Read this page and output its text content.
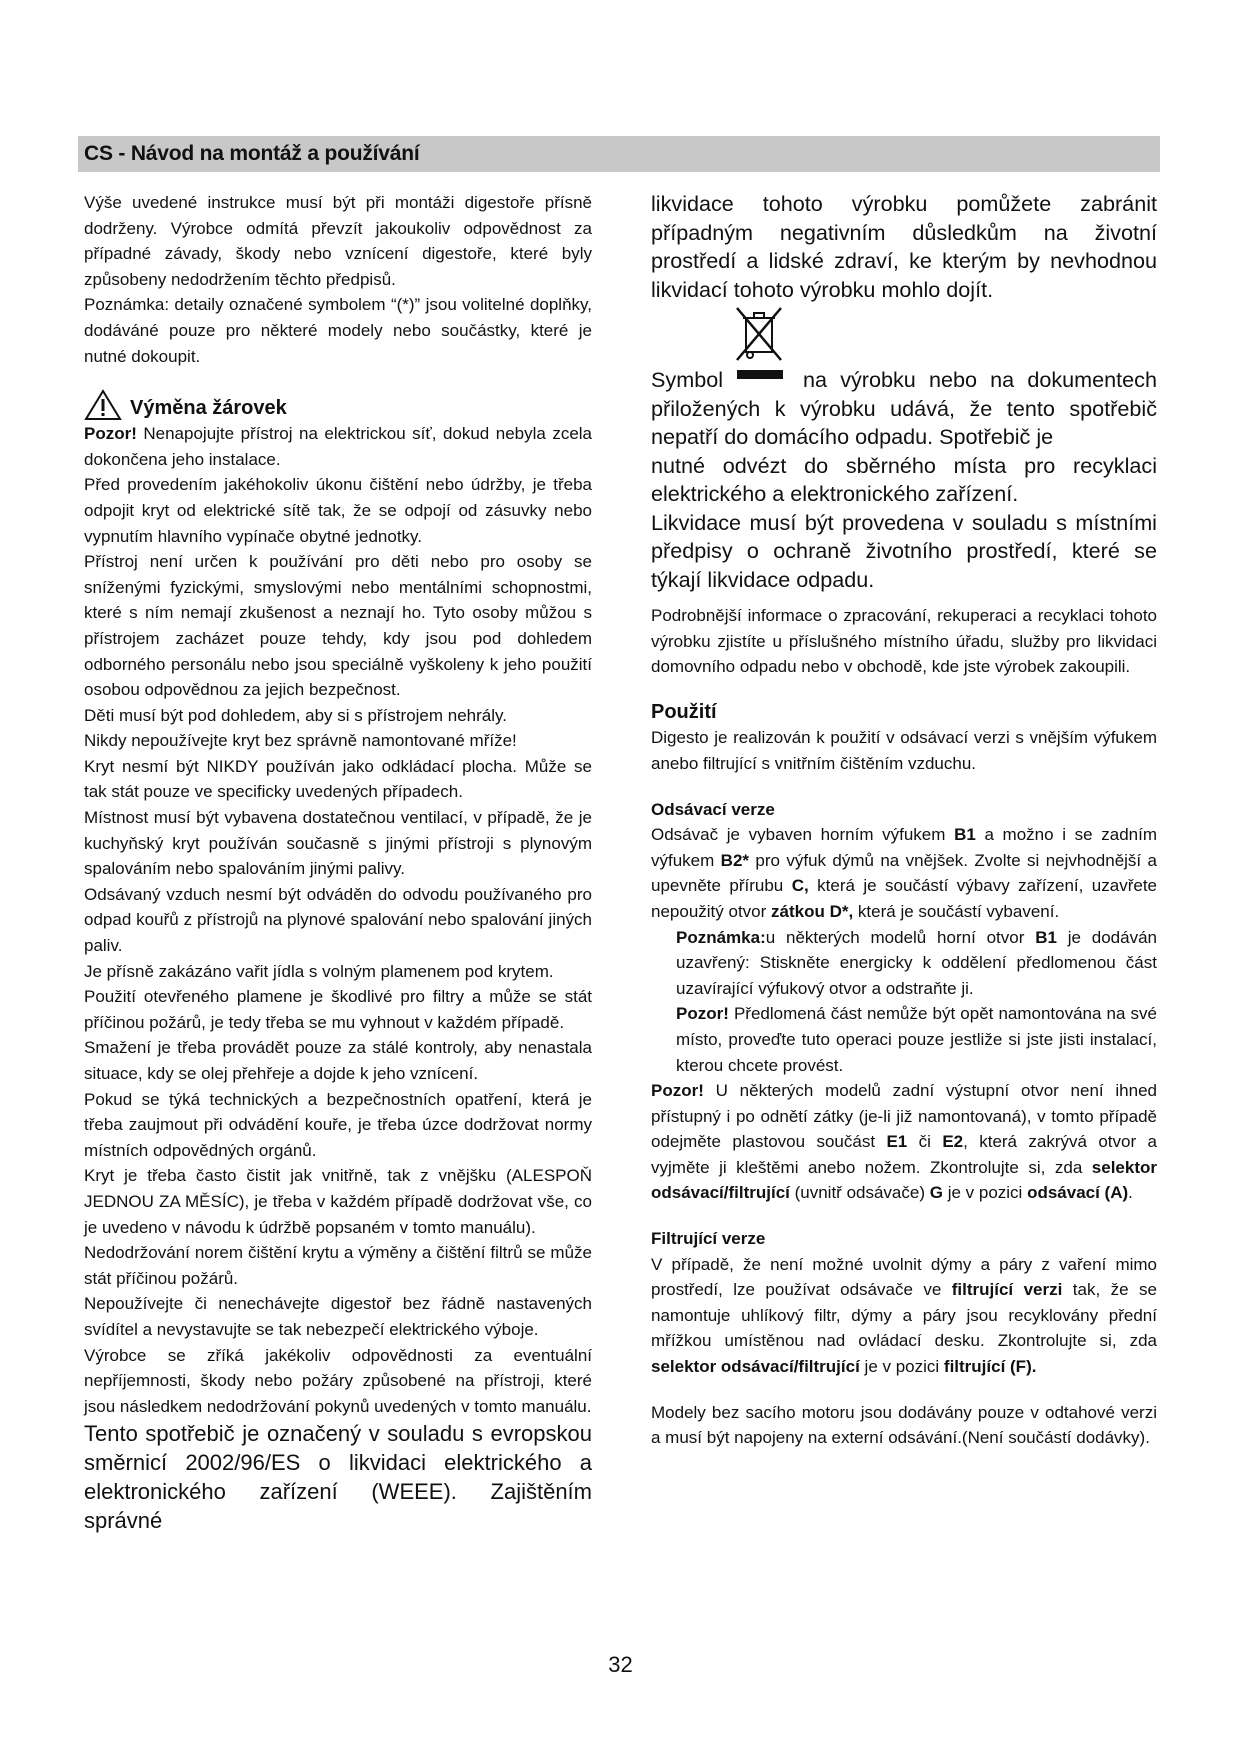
CS - Návod na montáž a používání

Výše uvedené instrukce musí být při montáži digestoře přísně dodrženy. Výrobce odmítá převzít jakoukoliv odpovědnost za případné závady, škody nebo vznícení digestoře, které byly způsobeny nedodržením těchto předpisů.

Poznámka: detaily označené symbolem “(*)” jsou volitelné doplňky, dodáváné pouze pro některé modely nebo součástky, které je nutné dokoupit.

Výměna žárovek

Pozor! Nenapojujte přístroj na elektrickou síť, dokud nebyla zcela dokončena jeho instalace.

Před provedením jakéhokoliv úkonu čištění nebo údržby, je třeba odpojit kryt od elektrické sítě tak, že se odpojí od zásuvky nebo vypnutím hlavního vypínače obytné jednotky.

Přístroj není určen k používání pro děti nebo pro osoby se sníženými fyzickými, smyslovými nebo mentálními schopnostmi, které s ním nemají zkušenost a neznají ho. Tyto osoby můžou s přístrojem zacházet pouze tehdy, kdy jsou pod dohledem odborného personálu nebo jsou speciálně vyškoleny k jeho použití osobou odpovědnou za jejich bezpečnost.

Děti musí být pod dohledem, aby si s přístrojem nehrály.

Nikdy nepoužívejte kryt bez správně namontované mříže!

Kryt nesmí být NIKDY používán jako odkládací plocha. Může se tak stát pouze ve specificky uvedených případech.

Místnost musí být vybavena dostatečnou ventilací, v případě, že je kuchyňský kryt používán současně s jinými přístroji s plynovým spalováním nebo spalováním jinými palivy.

Odsávaný vzduch nesmí být odváděn do odvodu používaného pro odpad kouřů z přístrojů na plynové spalování nebo spalování jiných paliv.

Je přísně zakázáno vařit jídla s volným plamenem pod krytem.

Použití otevřeného plamene je škodlivé pro filtry a může se stát příčinou požárů, je tedy třeba se mu vyhnout v každém případě.

Smažení je třeba provádět pouze za stálé kontroly, aby nenastala situace, kdy se olej přehřeje a dojde k jeho vznícení.

Pokud se týká technických a bezpečnostních opatření, která je třeba zaujmout při odvádění kouře, je třeba úzce dodržovat normy místních odpovědných orgánů.

Kryt je třeba často čistit jak vnitřně, tak z vnějšku (ALESPOŇ JEDNOU ZA MĚSÍC), je třeba v každém případě dodržovat vše, co je uvedeno v návodu k údržbě popsaném v tomto manuálu).

Nedodržování norem čištění krytu a výměny a čištění filtrů se může stát příčinou požárů.

Nepoužívejte či nenechávejte digestoř bez řádně nastavených svídítel a nevystavujte se tak nebezpečí elektrického výboje.

Výrobce se zříká jakékoliv odpovědnosti za eventuální nepříjemnosti, škody nebo požáry způsobené na přístroji, které jsou následkem nedodržování pokynů uvedených v tomto manuálu.

Tento spotřebič je označený v souladu s evropskou směrnicí 2002/96/ES o likvidaci elektrického a elektronického zařízení (WEEE). Zajištěním správné

likvidace tohoto výrobku pomůžete zabránit případným negativním důsledkům na životní prostředí a lidské zdraví, ke kterým by nevhodnou likvidací tohoto výrobku mohlo dojít.

Symbol	na výrobku nebo na dokumentech přiložených k výrobku udává, že tento spotřebič nepatří do domácího odpadu. Spotřebič je

nutné odvézt do sběrného místa pro recyklaci elektrického a elektronického zařízení.

Likvidace musí být provedena v souladu s místními předpisy o ochraně životního prostředí, které se týkají likvidace odpadu.

Podrobnější informace o zpracování, rekuperaci a recyklaci tohoto výrobku zjistíte u příslušného místního úřadu, služby pro likvidaci domovního odpadu nebo v obchodě, kde jste výrobek zakoupili.

Použití

Digesto je realizován k použití v odsávací verzi s vnějším výfukem anebo filtrující s vnitřním čištěním vzduchu.

Odsávací verze

Odsávač je vybaven horním výfukem B1 a možno i se zadním výfukem B2* pro výfuk dýmů na vnějšek. Zvolte si nejvhodnější a upevněte přírubu C, která je součástí výbavy zařízení, uzavřete nepoužitý otvor zátkou D*, která je součástí vybavení.

Poznámka:u některých modelů horní otvor B1 je dodáván uzavřený: Stiskněte energicky k oddělení předlomenou část uzavírající výfukový otvor a odstraňte ji.

Pozor! Předlomená část nemůže být opět namontována na své místo, proveďte tuto operaci pouze jestliže si jste jisti instalací, kterou chcete provést.

Pozor! U některých modelů zadní výstupní otvor není ihned přístupný i po odnětí zátky (je-li již namontovaná), v tomto případě odejměte plastovou součást E1 či E2, která zakrývá otvor a vyjměte ji kleštěmi anebo nožem. Zkontrolujte si, zda selektor odsávací/filtrující (uvnitř odsávače) G je v pozici odsávací (A).

Filtrující verze

V případě, že není možné uvolnit dýmy a páry z vaření mimo prostředí, lze používat odsávače ve filtrující verzi tak, že se namontuje uhlíkový filtr, dýmy a páry jsou recyklovány přední mřížkou umístěnou nad ovládací desku. Zkontrolujte si, zda selektor odsávací/filtrující je v pozici filtrující (F).

Modely bez sacího motoru jsou dodávány pouze v odtahové verzi a musí být napojeny na externí odsávání.(Není součástí dodávky).

32
